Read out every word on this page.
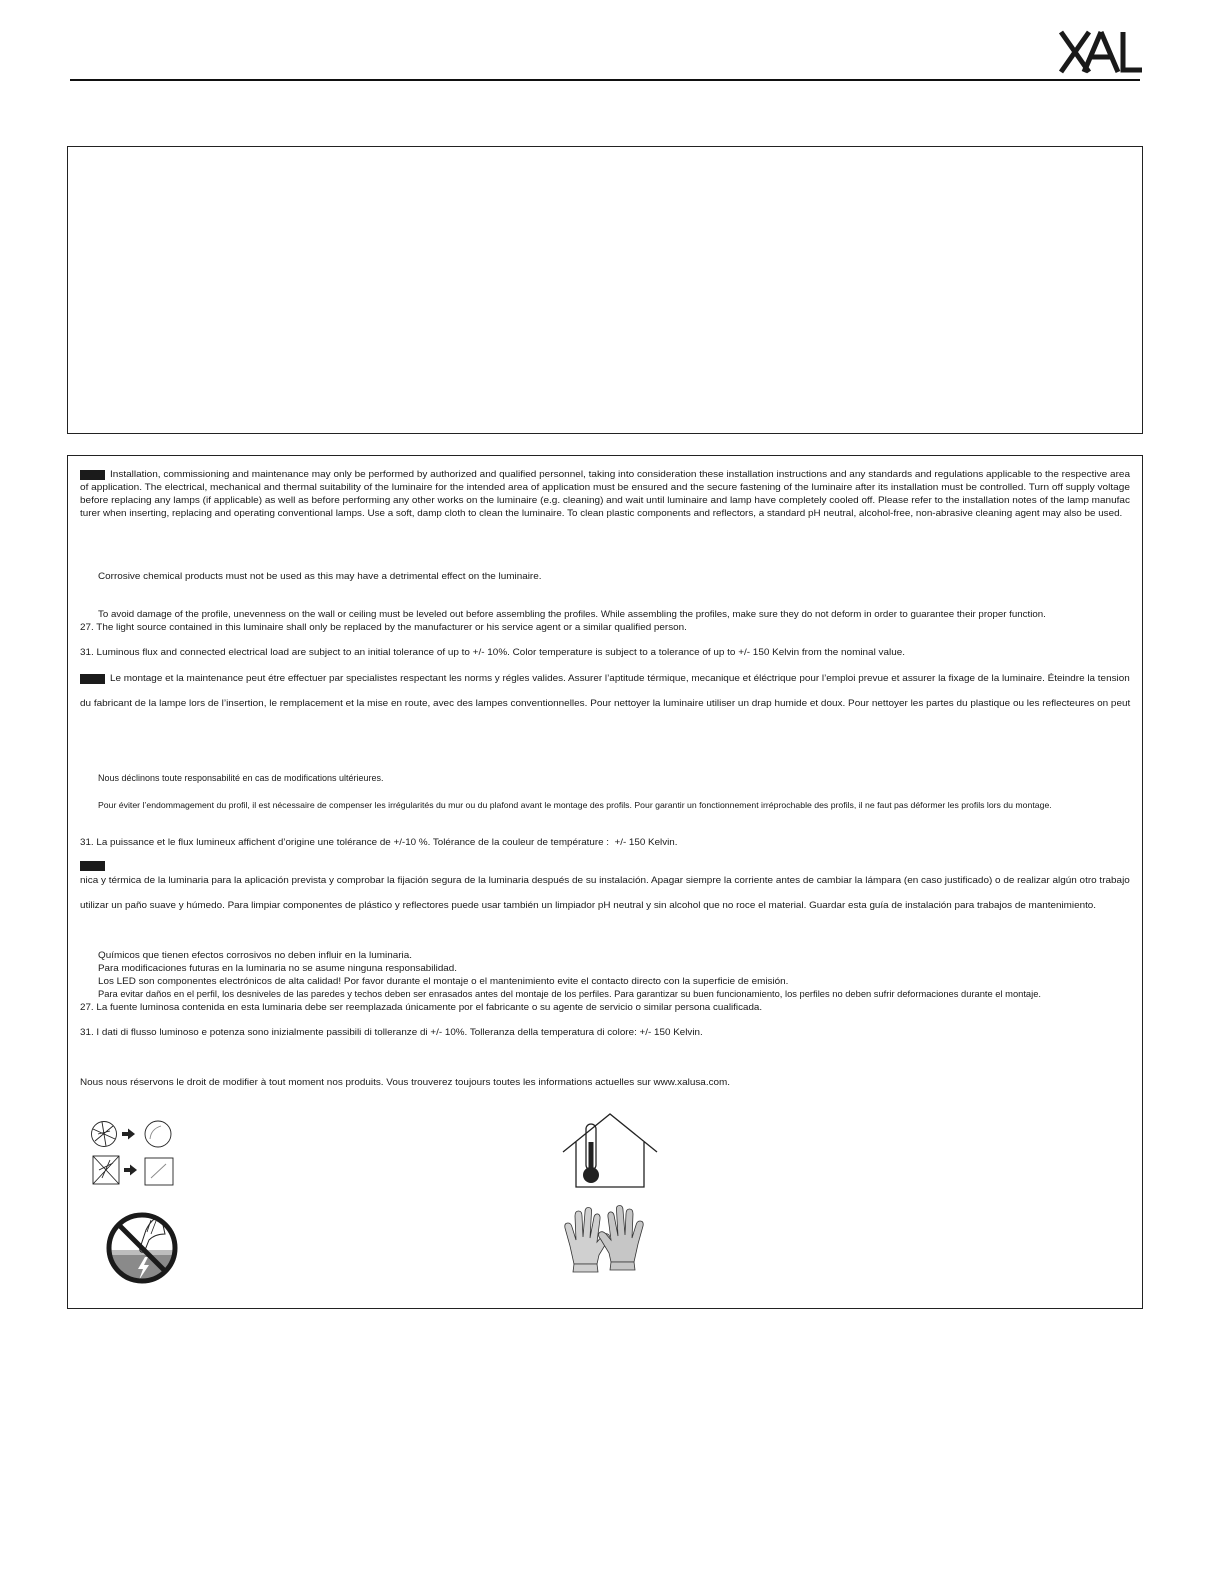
Installation, commissioning and maintenance may only be performed by authorized and qualified personnel, taking into consideration these installation instructions and any standards and regulations applicable to the respective area
of application. The electrical, mechanical and thermal suitability of the luminaire for the intended area of application must be ensured and the secure fastening of the luminaire after its installation must be controlled. Turn off supply voltage
before replacing any lamps (if applicable) as well as before performing any other works on the luminaire (e.g. cleaning) and wait until luminaire and lamp have completely cooled off. Please refer to the installation notes of the lamp manufac
turer when inserting, replacing and operating conventional lamps. Use a soft, damp cloth to clean the luminaire. To clean plastic components and reflectors, a standard pH neutral, alcohol-free, non-abrasive cleaning agent may also be used.
Corrosive chemical products must not be used as this may have a detrimental effect on the luminaire.
To avoid damage of the profile, unevenness on the wall or ceiling must be leveled out before assembling the profiles. While assembling the profiles, make sure they do not deform in order to guarantee their proper function.
27. The light source contained in this luminaire shall only be replaced by the manufacturer or his service agent or a similar qualified person.
31. Luminous flux and connected electrical load are subject to an initial tolerance of up to +/- 10%. Color temperature is subject to a tolerance of up to +/- 150 Kelvin from the nominal value.
Le montage et la maintenance peut étre effectuer par specialistes respectant les norms y régles valides. Assurer l’aptitude térmique, mecanique et éléctrique pour l’emploi prevue et assurer la fixage de la luminaire. Éteindre la tension
du fabricant de la lampe lors de l’insertion, le remplacement et la mise en route, avec des lampes conventionnelles. Pour nettoyer la luminaire utiliser un drap humide et doux. Pour nettoyer les partes du plastique ou les reflecteures on peut
Nous déclinons toute responsabilité en cas de modifications ultérieures.
Pour éviter l’endommagement du profil, il est nécessaire de compenser les irrégularités du mur ou du plafond avant le montage des profils. Pour garantir un fonctionnement irréprochable des profils, il ne faut pas déformer les profils lors du montage.
31. La puissance et le flux lumineux affichent d’origine une tolérance de +/-10 %. Tolérance de la couleur de température :  +/- 150 Kelvin.
nica y térmica de la luminaria para la aplicación prevista y comprobar la fijación segura de la luminaria después de su instalación. Apagar siempre la corriente antes de cambiar la lámpara (en caso justificado) o de realizar algún otro trabajo
utilizar un paño suave y húmedo. Para limpiar componentes de plástico y reflectores puede usar también un limpiador pH neutral y sin alcohol que no roce el material. Guardar esta guía de instalación para trabajos de mantenimiento.
Químicos que tienen efectos corrosivos no deben influir en la luminaria.
Para modificaciones futuras en la luminaria no se asume ninguna responsabilidad.
Los LED son componentes electrónicos de alta calidad! Por favor durante el montaje o el mantenimiento evite el contacto directo con la superficie de emisión.
Para evitar daños en el perfil, los desniveles de las paredes y techos deben ser enrasados antes del montaje de los perfiles. Para garantizar su buen funcionamiento, los perfiles no deben sufrir deformaciones durante el montaje.
27. La fuente luminosa contenida en esta luminaria debe ser reemplazada únicamente por el fabricante o su agente de servicio o similar persona cualificada.
31. I dati di flusso luminoso e potenza sono inizialmente passibili di tolleranze di +/- 10%. Tolleranza della temperatura di colore: +/- 150 Kelvin.
Nous nous réservons le droit de modifier à tout moment nos produits. Vous trouverez toujours toutes les informations actuelles sur www.xalusa.com.
